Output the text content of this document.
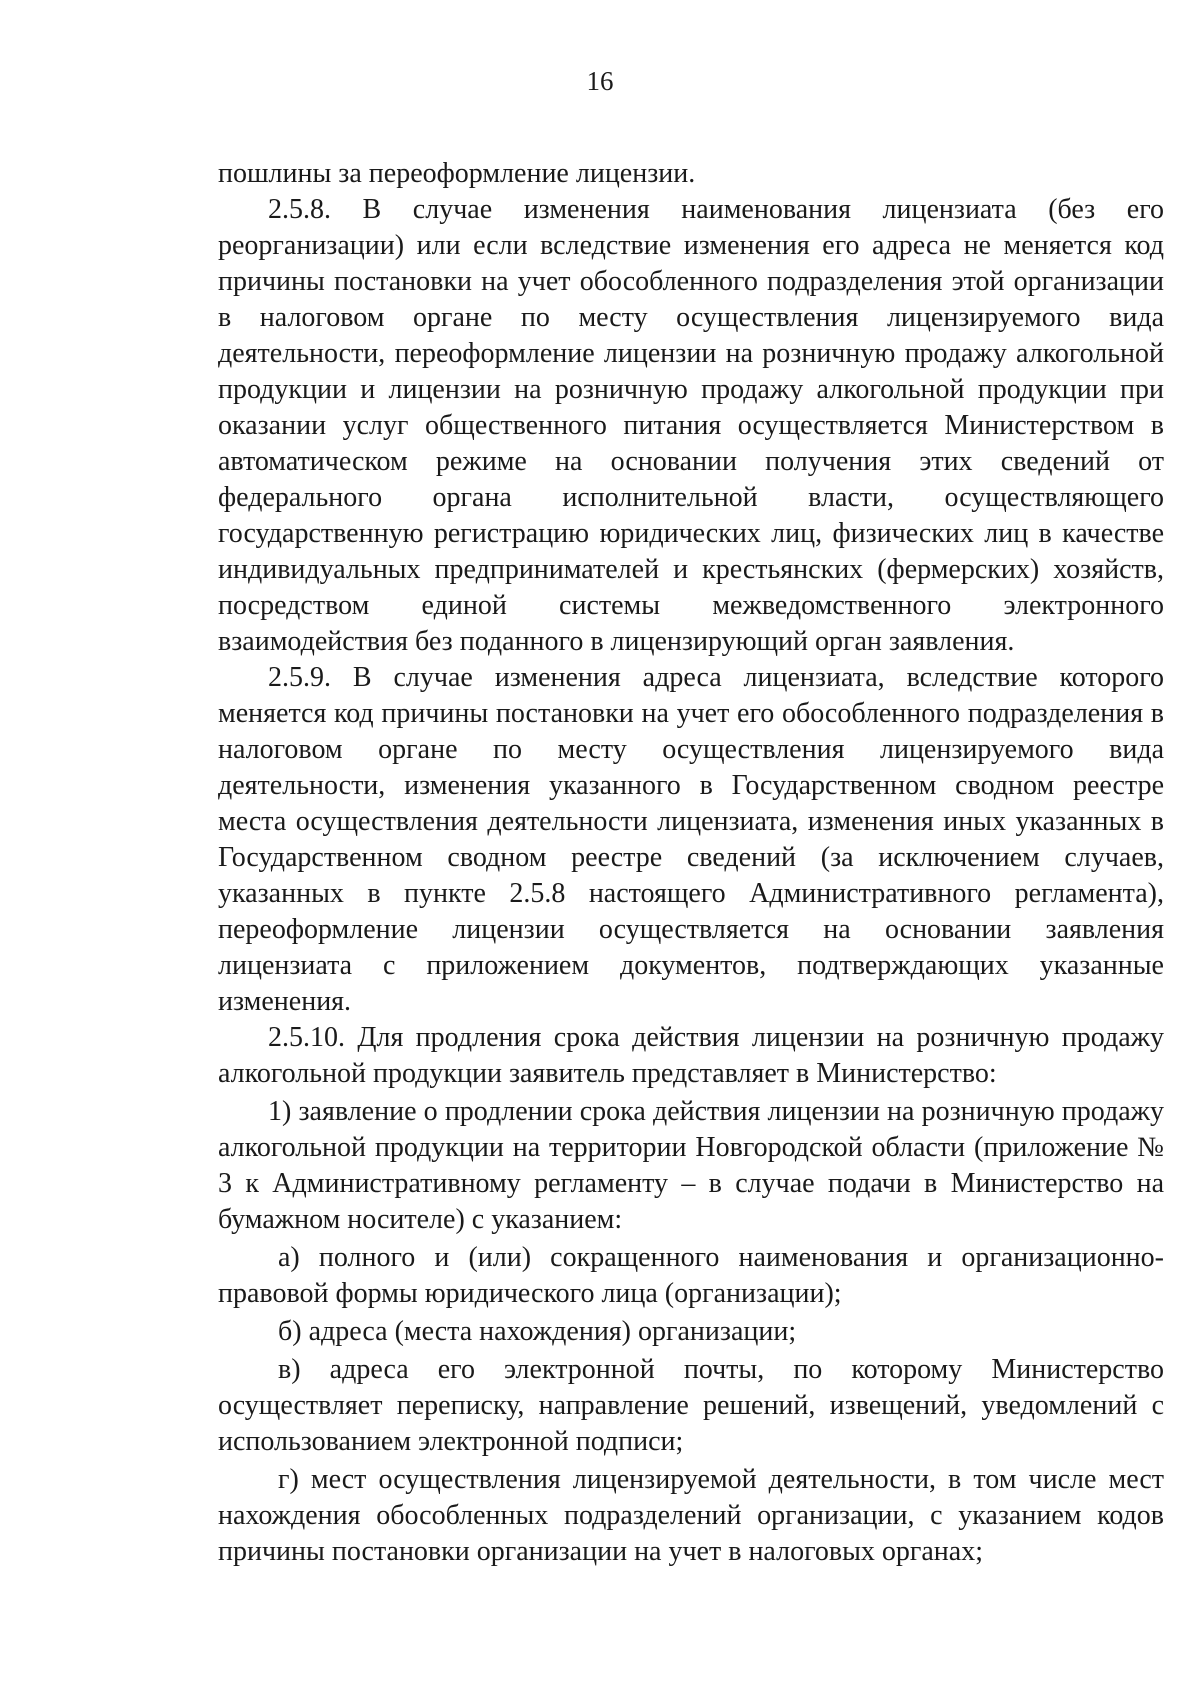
16

пошлины за переоформление лицензии.

2.5.8. В случае изменения наименования лицензиата (без его реорганизации) или если вследствие изменения его адреса не меняется код причины постановки на учет обособленного подразделения этой организации в налоговом органе по месту осуществления лицензируемого вида деятельности, переоформление лицензии на розничную продажу алкогольной продукции и лицензии на розничную продажу алкогольной продукции при оказании услуг общественного питания осуществляется Министерством в автоматическом режиме на основании получения этих сведений от федерального органа исполнительной власти, осуществляющего государственную регистрацию юридических лиц, физических лиц в качестве индивидуальных предпринимателей и крестьянских (фермерских) хозяйств, посредством единой системы межведомственного электронного взаимодействия без поданного в лицензирующий орган заявления.

2.5.9. В случае изменения адреса лицензиата, вследствие которого меняется код причины постановки на учет его обособленного подразделения в налоговом органе по месту осуществления лицензируемого вида деятельности, изменения указанного в Государственном сводном реестре места осуществления деятельности лицензиата, изменения иных указанных в Государственном сводном реестре сведений (за исключением случаев, указанных в пункте 2.5.8 настоящего Административного регламента), переоформление лицензии осуществляется на основании заявления лицензиата с приложением документов, подтверждающих указанные изменения.

2.5.10. Для продления срока действия лицензии на розничную продажу алкогольной продукции заявитель представляет в Министерство:

1) заявление о продлении срока действия лицензии на розничную продажу алкогольной продукции на территории Новгородской области (приложение № 3 к Административному регламенту – в случае подачи в Министерство на бумажном носителе) с указанием:

а) полного и (или) сокращенного наименования и организационно-правовой формы юридического лица (организации);

б) адреса (места нахождения) организации;

в) адреса его электронной почты, по которому Министерство осуществляет переписку, направление решений, извещений, уведомлений с использованием электронной подписи;

г) мест осуществления лицензируемой деятельности, в том числе мест нахождения обособленных подразделений организации, с указанием кодов причины постановки организации на учет в налоговых органах;
